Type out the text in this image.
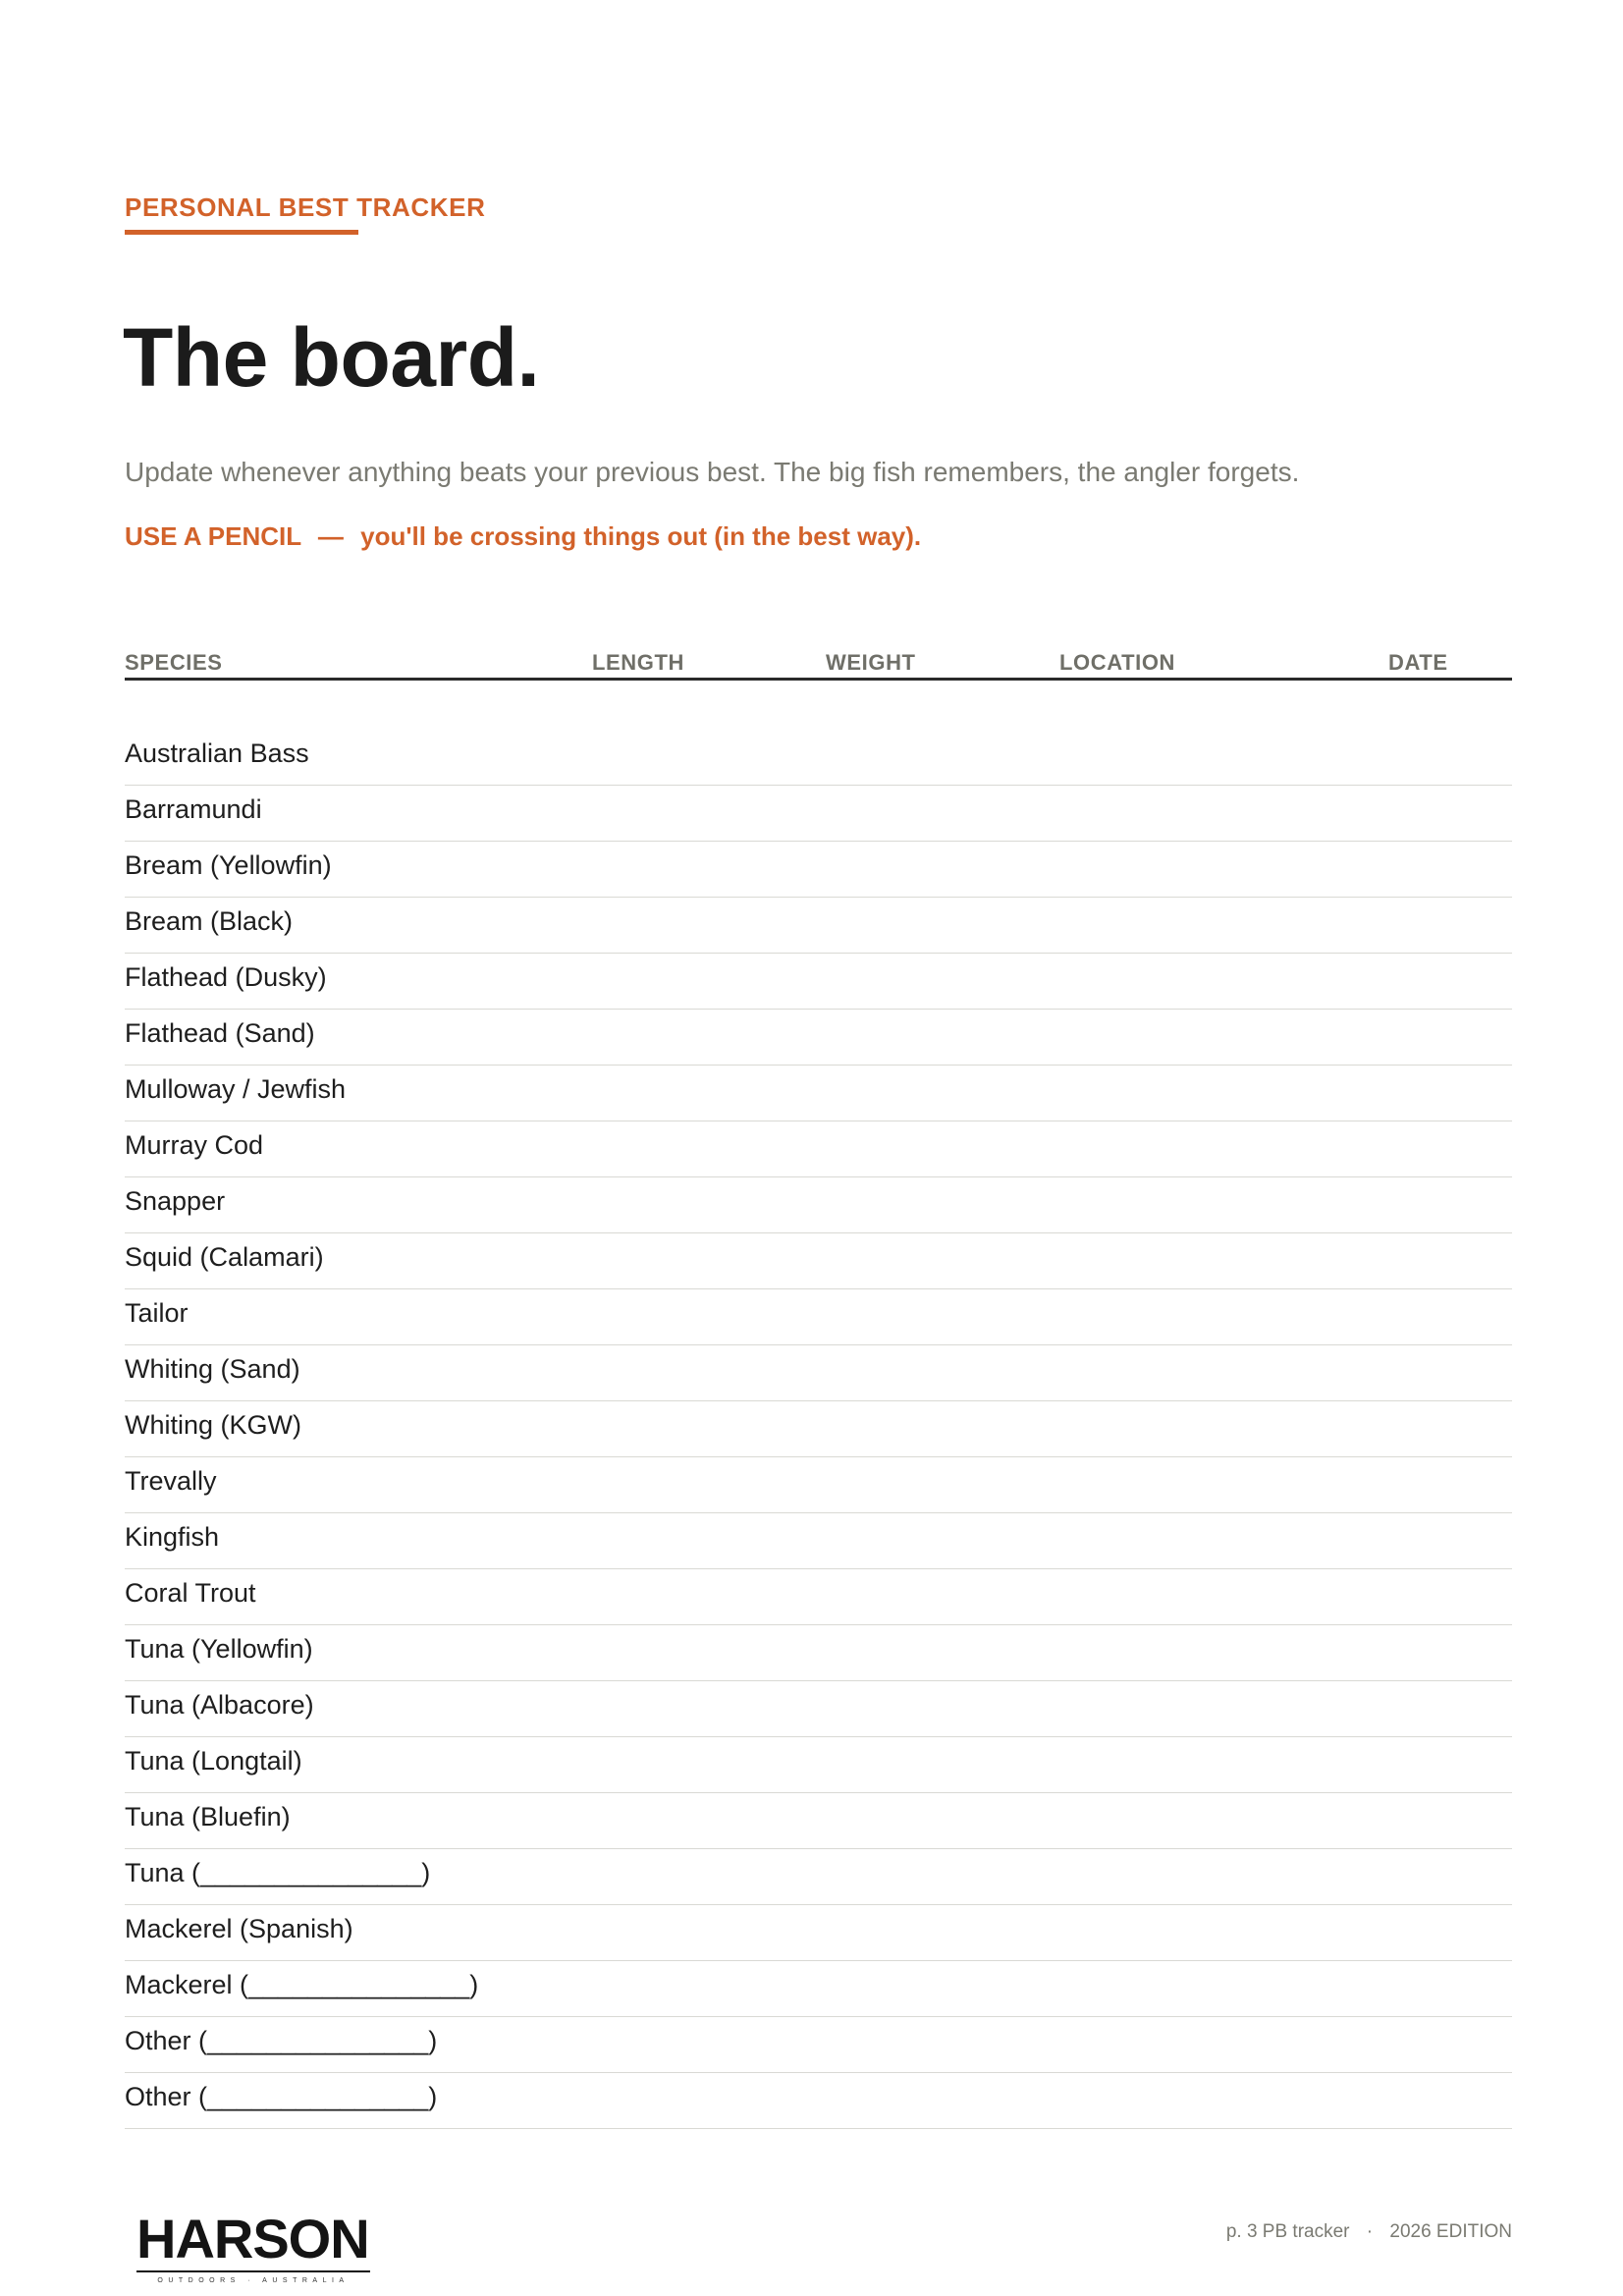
PERSONAL BEST TRACKER
The board.
Update whenever anything beats your previous best. The big fish remembers, the angler forgets.
USE A PENCIL — you'll be crossing things out (in the best way).
SPECIES	LENGTH	WEIGHT	LOCATION	DATE
Australian Bass
Barramundi
Bream (Yellowfin)
Bream (Black)
Flathead (Dusky)
Flathead (Sand)
Mulloway / Jewfish
Murray Cod
Snapper
Squid (Calamari)
Tailor
Whiting (Sand)
Whiting (KGW)
Trevally
Kingfish
Coral Trout
Tuna (Yellowfin)
Tuna (Albacore)
Tuna (Longtail)
Tuna (Bluefin)
Tuna (_______________)
Mackerel (Spanish)
Mackerel (_______________)
Other (_______________)
Other (_______________)
HARSON
OUTDOORS · AUSTRALIA
p. 3 PB tracker · 2026 EDITION
